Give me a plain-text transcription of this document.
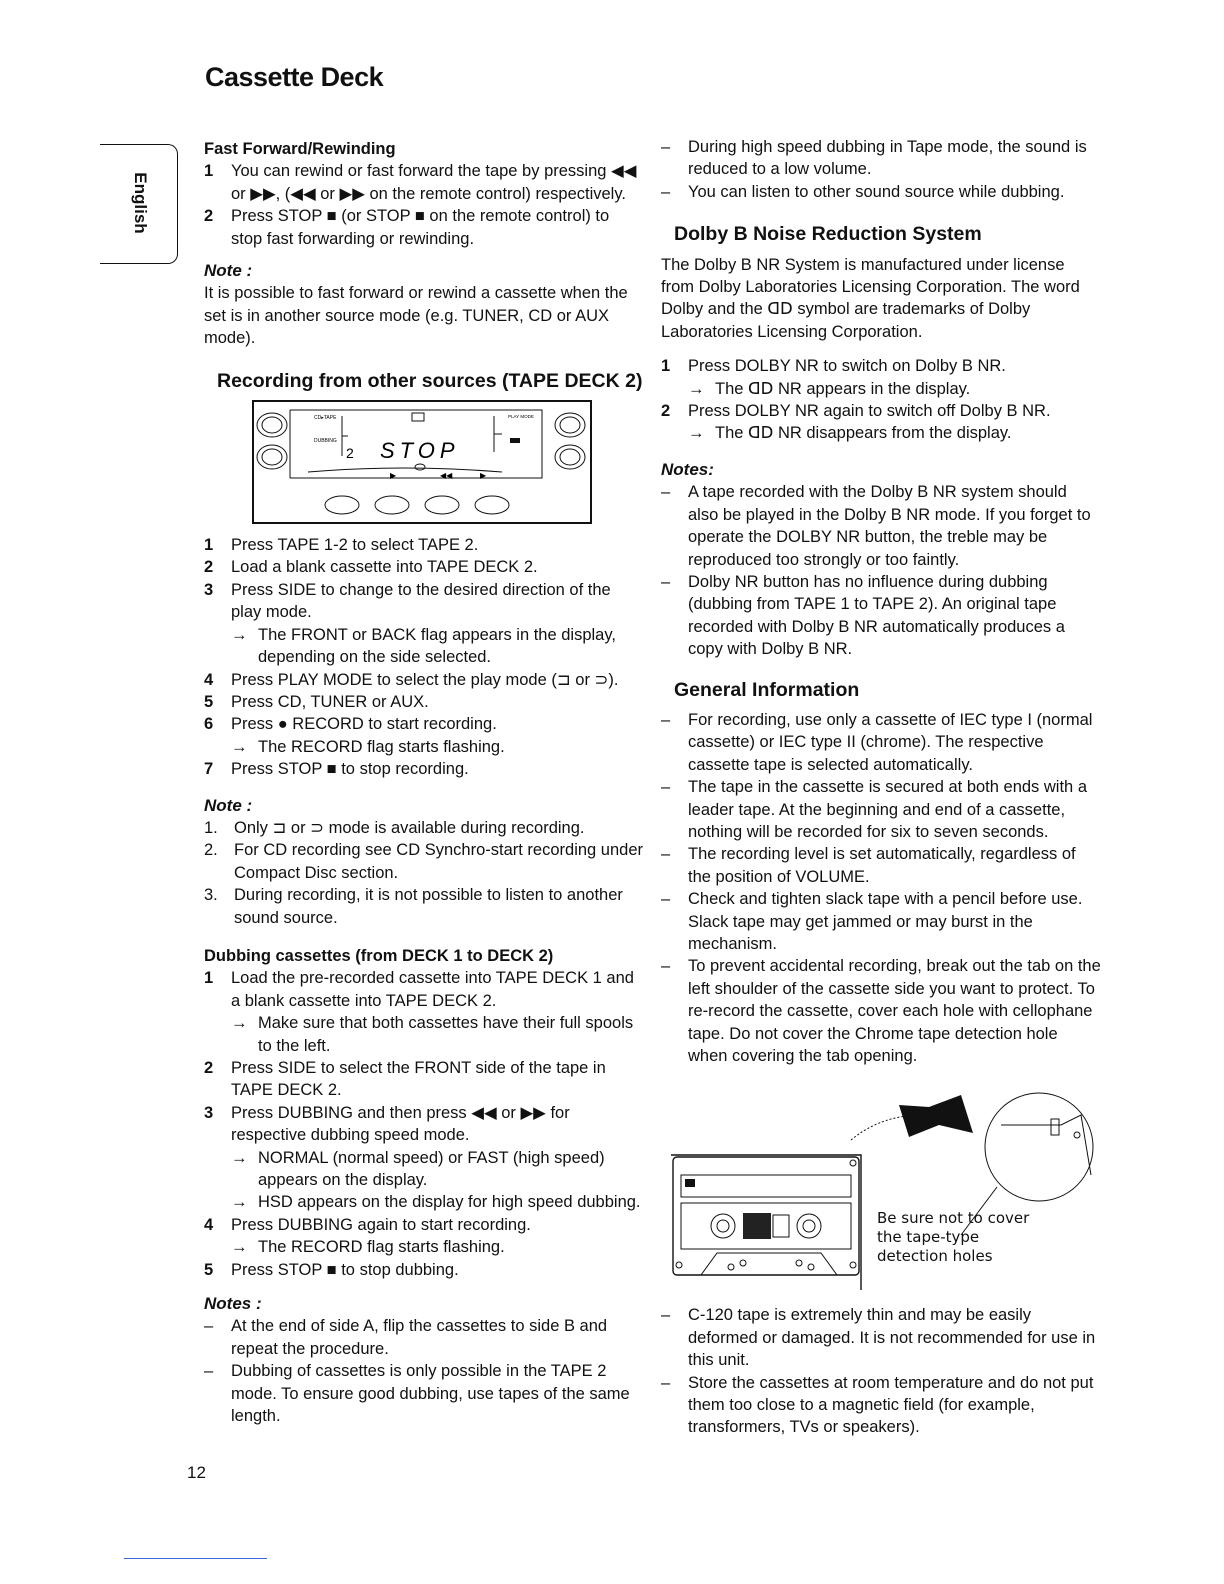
Cassette Deck
English

Fast Forward/Rewinding

1	You can rewind or fast forward the tape by pressing ◀◀ or ▶▶, (◀◀ or ▶▶ on the remote control) respectively.
2	Press STOP ■ (or STOP ■ on the remote control) to stop fast forwarding or rewinding.

Note :

It is possible to fast forward or rewind a cassette when the set is in another source mode (e.g. TUNER, CD or AUX mode).

Recording from other sources (TAPE DECK 2)

CD▸TAPE
DUBBING
2 STOP
PLAY MODE
▶	◀◀	▶
1	Press TAPE 1-2 to select TAPE 2.
2	Load a blank cassette into TAPE DECK 2.
3	Press SIDE to change to the desired direction of the play mode.
→ The FRONT or BACK flag appears in the display, depending on the side selected.
4	Press PLAY MODE to select the play mode (⊐ or ⊃).
5	Press CD, TUNER or AUX.
6	Press ● RECORD to start recording.
→ The RECORD flag starts flashing.
7	Press STOP ■ to stop recording.

Note :

1. Only ⊐ or ⊃ mode is available during recording.
2. For CD recording see CD Synchro-start recording under Compact Disc section.
3. During recording, it is not possible to listen to another sound source.

Dubbing cassettes (from DECK 1 to DECK 2)

1	Load the pre-recorded cassette into TAPE DECK 1 and a blank cassette into TAPE DECK 2.
→ Make sure that both cassettes have their full spools to the left.
2	Press SIDE to select the FRONT side of the tape in TAPE DECK 2.
3	Press DUBBING and then press ◀◀ or ▶▶ for respective dubbing speed mode.
→ NORMAL (normal speed) or FAST (high speed) appears on the display.
→ HSD appears on the display for high speed dubbing.
4	Press DUBBING again to start recording.
→ The RECORD flag starts flashing.
5	Press STOP ■ to stop dubbing.

Notes :

–	At the end of side A, flip the cassettes to side B and repeat the procedure.
–	Dubbing of cassettes is only possible in the TAPE 2 mode. To ensure good dubbing, use tapes of the same length.
–	During high speed dubbing in Tape mode, the sound is reduced to a low volume.
–	You can listen to other sound source while dubbing.

Dolby B Noise Reduction System

The Dolby B NR System is manufactured under license from Dolby Laboratories Licensing Corporation. The word Dolby and the ᗡᗞ symbol are trademarks of Dolby Laboratories Licensing Corporation.

1	Press DOLBY NR to switch on Dolby B NR.
→ The ᗡᗞ NR appears in the display.
2	Press DOLBY NR again to switch off Dolby B NR.
→ The ᗡᗞ NR disappears from the display.

Notes:

–	A tape recorded with the Dolby B NR system should also be played in the Dolby B NR mode. If you forget to operate the DOLBY NR button, the treble may be reproduced too strongly or too faintly.
–	Dolby NR button has no influence during dubbing (dubbing from TAPE 1 to TAPE 2). An original tape recorded with Dolby B NR automatically produces a copy with Dolby B NR.

General Information

–	For recording, use only a cassette of IEC type I (normal cassette) or IEC type II (chrome). The respective cassette tape is selected automatically.
–	The tape in the cassette is secured at both ends with a leader tape. At the beginning and end of a cassette, nothing will be recorded for six to seven seconds.
–	The recording level is set automatically, regardless of the position of VOLUME.
–	Check and tighten slack tape with a pencil before use. Slack tape may get jammed or may burst in the mechanism.
–	To prevent accidental recording, break out the tab on the left shoulder of the cassette side you want to protect. To re-record the cassette, cover each hole with cellophane tape. Do not cover the Chrome tape detection hole when covering the tab opening.
Be sure not to cover the tape-type detection holes
–	C-120 tape is extremely thin and may be easily deformed or damaged. It is not recommended for use in this unit.
–	Store the cassettes at room temperature and do not put them too close to a magnetic field (for example, transformers, TVs or speakers).
12
